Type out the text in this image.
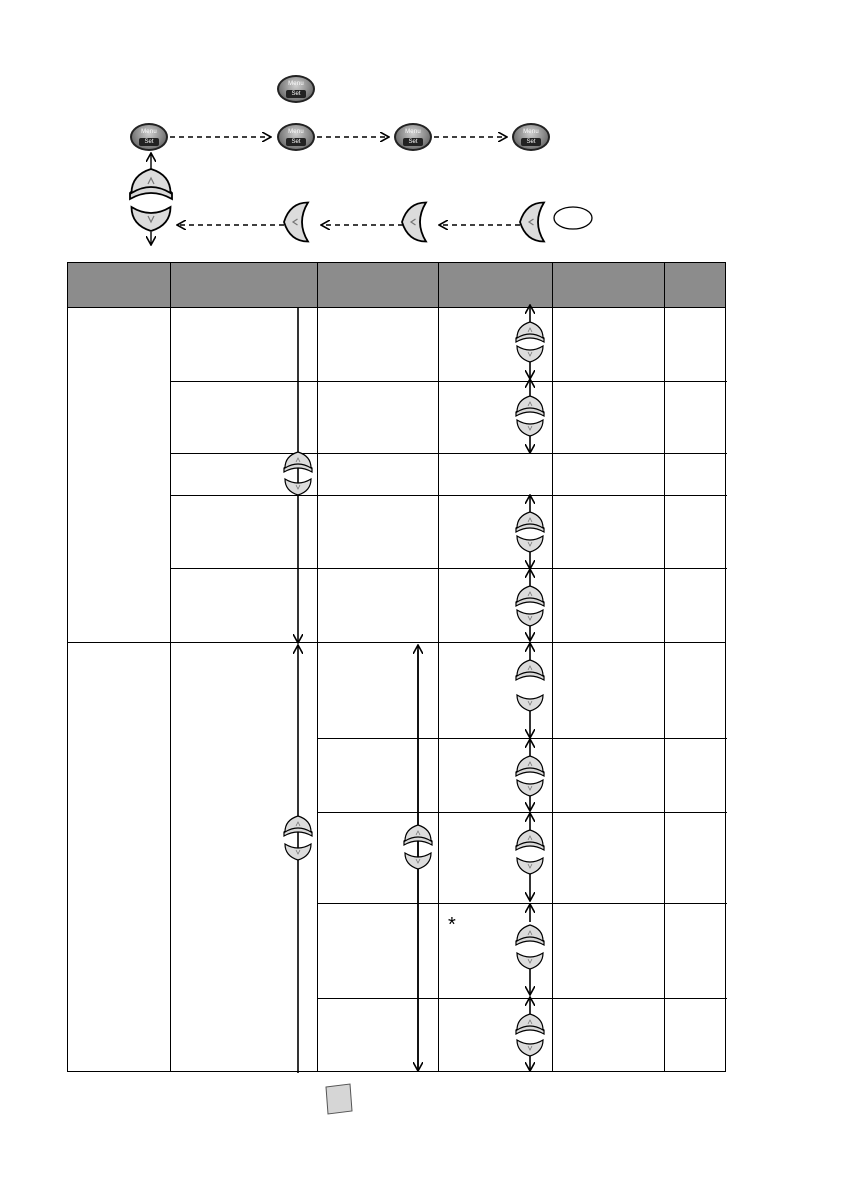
Menu
Set
Menu
Set
Menu
Set
Menu
Set
Menu
Set
*
